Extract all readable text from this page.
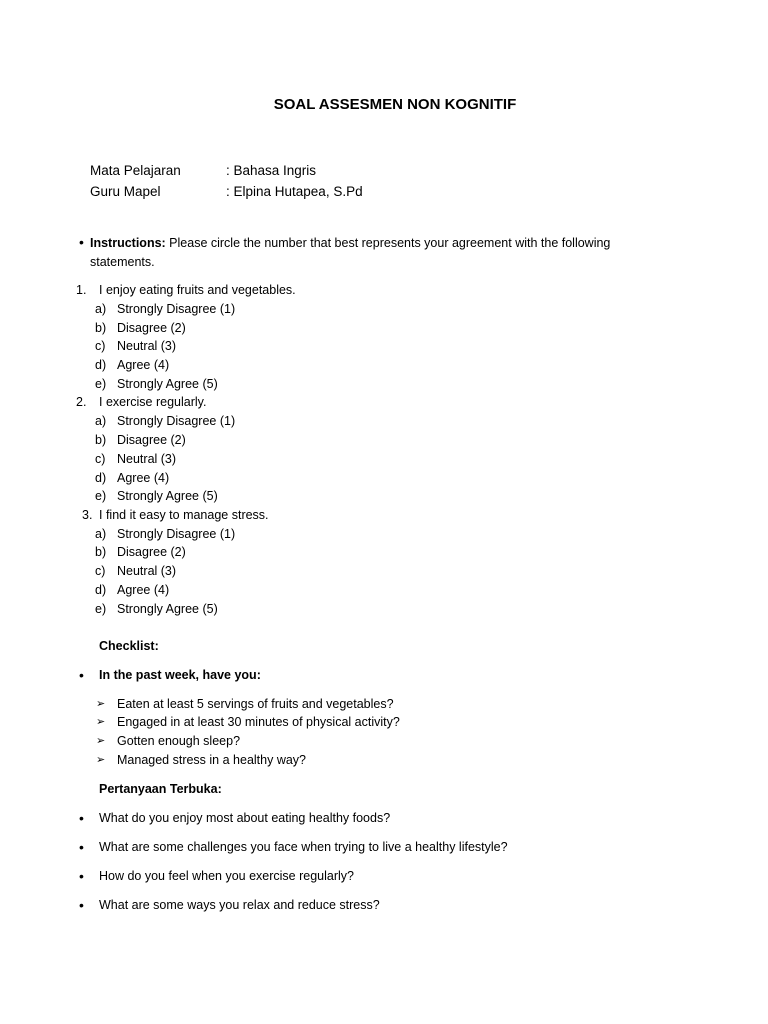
SOAL ASSESMEN NON KOGNITIF
Mata Pelajaran	: Bahasa Ingris
Guru Mapel	: Elpina Hutapea, S.Pd
• Instructions: Please circle the number that best represents your agreement with the following statements.
1. I enjoy eating fruits and vegetables.
a) Strongly Disagree (1)
b) Disagree (2)
c) Neutral (3)
d) Agree (4)
e) Strongly Agree (5)
2. I exercise regularly.
a) Strongly Disagree (1)
b) Disagree (2)
c) Neutral (3)
d) Agree (4)
e) Strongly Agree (5)
3. I find it easy to manage stress.
a) Strongly Disagree (1)
b) Disagree (2)
c) Neutral (3)
d) Agree (4)
e) Strongly Agree (5)
Checklist:
• In the past week, have you:
➢ Eaten at least 5 servings of fruits and vegetables?
➢ Engaged in at least 30 minutes of physical activity?
➢ Gotten enough sleep?
➢ Managed stress in a healthy way?
Pertanyaan Terbuka:
• What do you enjoy most about eating healthy foods?
• What are some challenges you face when trying to live a healthy lifestyle?
• How do you feel when you exercise regularly?
• What are some ways you relax and reduce stress?
